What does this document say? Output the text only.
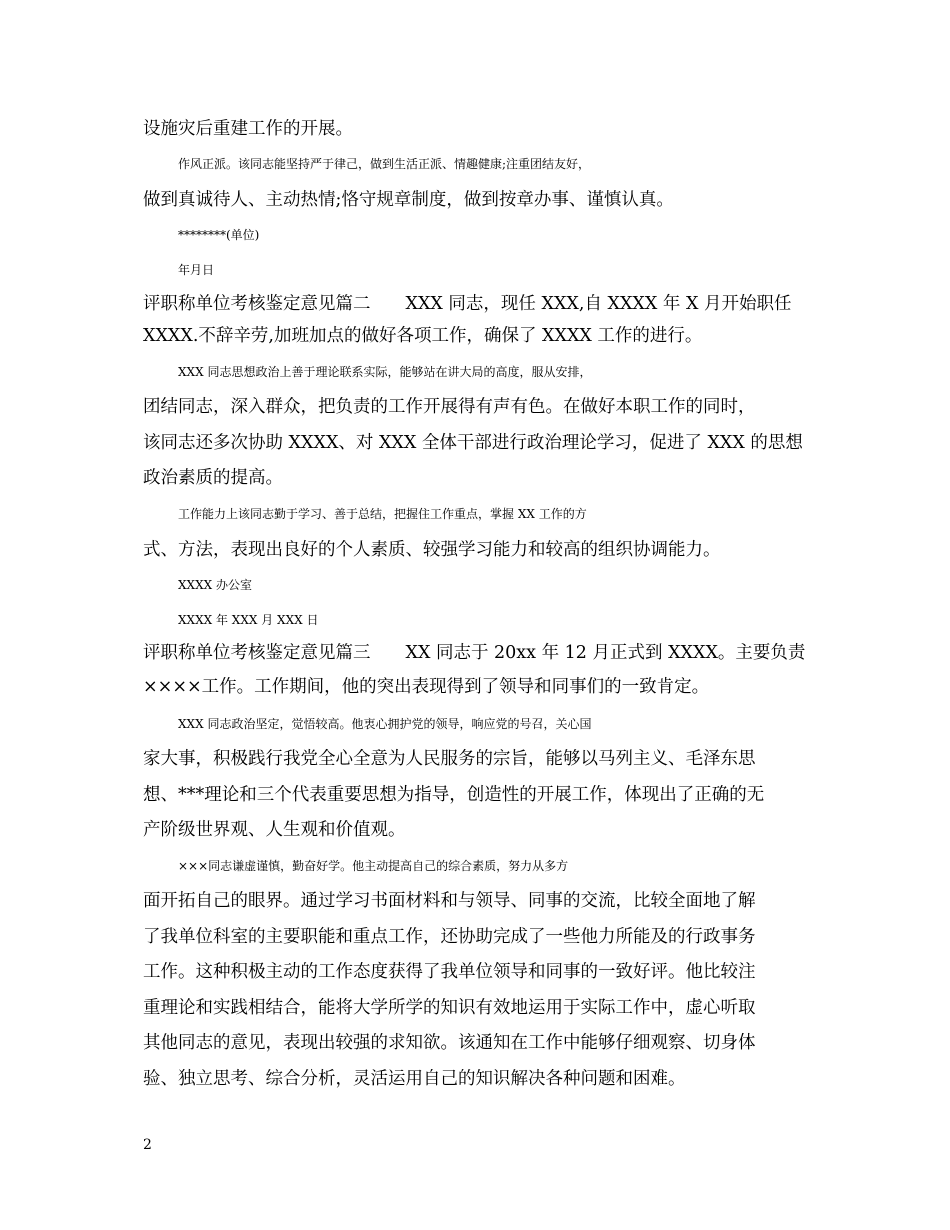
设施灾后重建工作的开展。
作风正派。该同志能坚持严于律己，做到生活正派、情趣健康;注重团结友好，
做到真诚待人、主动热情;恪守规章制度，做到按章办事、谨慎认真。
********(单位)
年月日
评职称单位考核鉴定意见篇二　　XXX 同志，现任 XXX,自 XXXX 年 X 月开始职任
XXXX.不辞辛劳,加班加点的做好各项工作，确保了 XXXX 工作的进行。
XXX 同志思想政治上善于理论联系实际，能够站在讲大局的高度，服从安排，
团结同志，深入群众，把负责的工作开展得有声有色。在做好本职工作的同时，
该同志还多次协助 XXXX、对 XXX 全体干部进行政治理论学习，促进了 XXX 的思想
政治素质的提高。
工作能力上该同志勤于学习、善于总结，把握住工作重点，掌握 XX 工作的方
式、方法，表现出良好的个人素质、较强学习能力和较高的组织协调能力。
XXXX 办公室
XXXX 年 XXX 月 XXX 日
评职称单位考核鉴定意见篇三　　XX 同志于 20xx 年 12 月正式到 XXXX。主要负责
××××工作。工作期间，他的突出表现得到了领导和同事们的一致肯定。
XXX 同志政治坚定，觉悟较高。他衷心拥护党的领导，响应党的号召，关心国
家大事，积极践行我党全心全意为人民服务的宗旨，能够以马列主义、毛泽东思
想、***理论和三个代表重要思想为指导，创造性的开展工作，体现出了正确的无
产阶级世界观、人生观和价值观。
×××同志谦虚谨慎，勤奋好学。他主动提高自己的综合素质，努力从多方
面开拓自己的眼界。通过学习书面材料和与领导、同事的交流，比较全面地了解
了我单位科室的主要职能和重点工作，还协助完成了一些他力所能及的行政事务
工作。这种积极主动的工作态度获得了我单位领导和同事的一致好评。他比较注
重理论和实践相结合，能将大学所学的知识有效地运用于实际工作中，虚心听取
其他同志的意见，表现出较强的求知欲。该通知在工作中能够仔细观察、切身体
验、独立思考、综合分析，灵活运用自己的知识解决各种问题和困难。
2
